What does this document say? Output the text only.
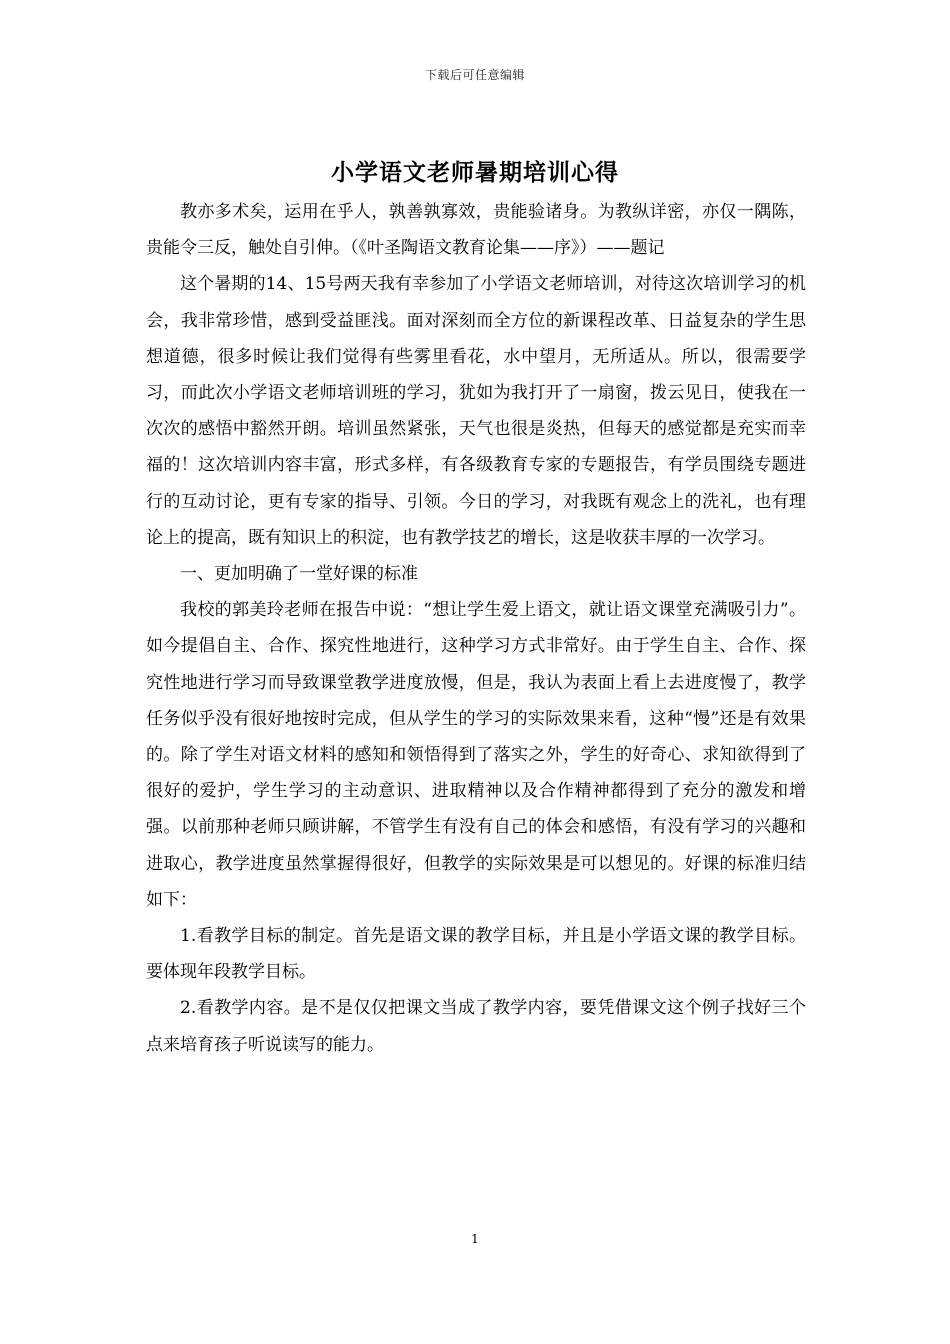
下载后可任意编辑
小学语文老师暑期培训心得

教亦多术矣，运用在乎人，孰善孰寡效，贵能验诸身。为教纵详密，亦仅一隅陈，贵能令三反，触处自引伸。（《叶圣陶语文教育论集——序》）——题记

这个暑期的14、15号两天我有幸参加了小学语文老师培训，对待这次培训学习的机会，我非常珍惜，感到受益匪浅。面对深刻而全方位的新课程改革、日益复杂的学生思想道德，很多时候让我们觉得有些雾里看花，水中望月，无所适从。所以，很需要学习，而此次小学语文老师培训班的学习，犹如为我打开了一扇窗，拨云见日，使我在一次次的感悟中豁然开朗。培训虽然紧张，天气也很是炎热，但每天的感觉都是充实而幸福的！这次培训内容丰富，形式多样，有各级教育专家的专题报告，有学员围绕专题进行的互动讨论，更有专家的指导、引领。今日的学习，对我既有观念上的洗礼，也有理论上的提高，既有知识上的积淀，也有教学技艺的增长，这是收获丰厚的一次学习。

一、更加明确了一堂好课的标准

我校的郭美玲老师在报告中说：“想让学生爱上语文，就让语文课堂充满吸引力”。如今提倡自主、合作、探究性地进行，这种学习方式非常好。由于学生自主、合作、探究性地进行学习而导致课堂教学进度放慢，但是，我认为表面上看上去进度慢了，教学任务似乎没有很好地按时完成，但从学生的学习的实际效果来看，这种“慢”还是有效果的。除了学生对语文材料的感知和领悟得到了落实之外，学生的好奇心、求知欲得到了很好的爱护，学生学习的主动意识、进取精神以及合作精神都得到了充分的激发和增强。以前那种老师只顾讲解，不管学生有没有自己的体会和感悟，有没有学习的兴趣和进取心，教学进度虽然掌握得很好，但教学的实际效果是可以想见的。好课的标准归结如下：

1.看教学目标的制定。首先是语文课的教学目标，并且是小学语文课的教学目标。要体现年段教学目标。

2.看教学内容。是不是仅仅把课文当成了教学内容，要凭借课文这个例子找好三个点来培育孩子听说读写的能力。

1
